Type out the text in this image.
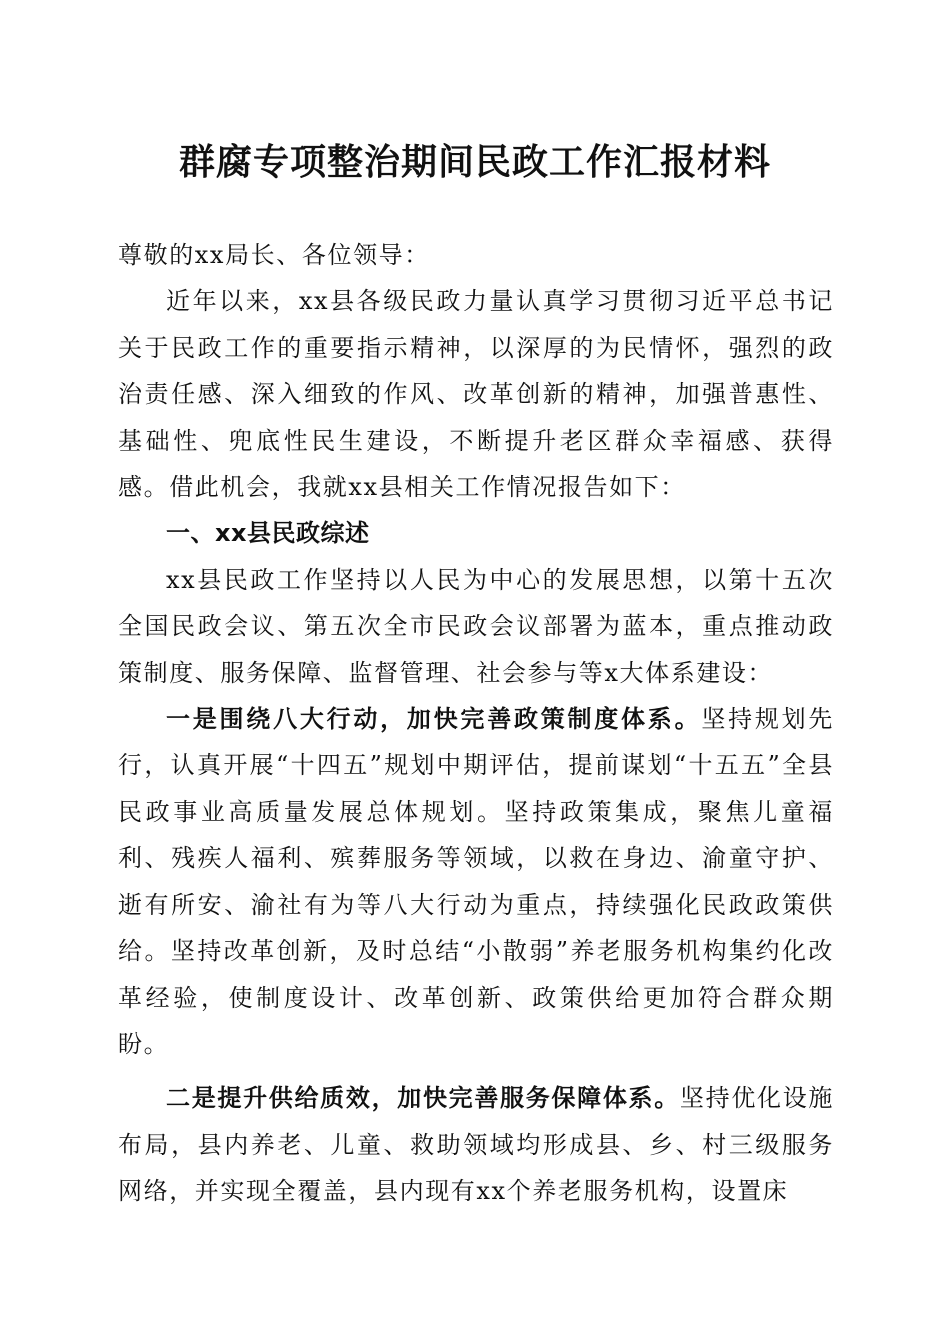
群腐专项整治期间民政工作汇报材料

尊敬的xx局长、各位领导：

近年以来，xx县各级民政力量认真学习贯彻习近平总书记关于民政工作的重要指示精神，以深厚的为民情怀，强烈的政治责任感、深入细致的作风、改革创新的精神，加强普惠性、基础性、兜底性民生建设，不断提升老区群众幸福感、获得感。借此机会，我就xx县相关工作情况报告如下：

一、xx县民政综述

xx县民政工作坚持以人民为中心的发展思想，以第十五次全国民政会议、第五次全市民政会议部署为蓝本，重点推动政策制度、服务保障、监督管理、社会参与等x大体系建设：

一是围绕八大行动，加快完善政策制度体系。坚持规划先行，认真开展“十四五”规划中期评估，提前谋划“十五五”全县民政事业高质量发展总体规划。坚持政策集成，聚焦儿童福利、残疾人福利、殡葬服务等领域，以救在身边、渝童守护、逝有所安、渝社有为等八大行动为重点，持续强化民政政策供给。坚持改革创新，及时总结“小散弱”养老服务机构集约化改革经验，使制度设计、改革创新、政策供给更加符合群众期盼。

二是提升供给质效，加快完善服务保障体系。坚持优化设施布局，县内养老、儿童、救助领域均形成县、乡、村三级服务网络，并实现全覆盖，县内现有xx个养老服务机构，设置床
